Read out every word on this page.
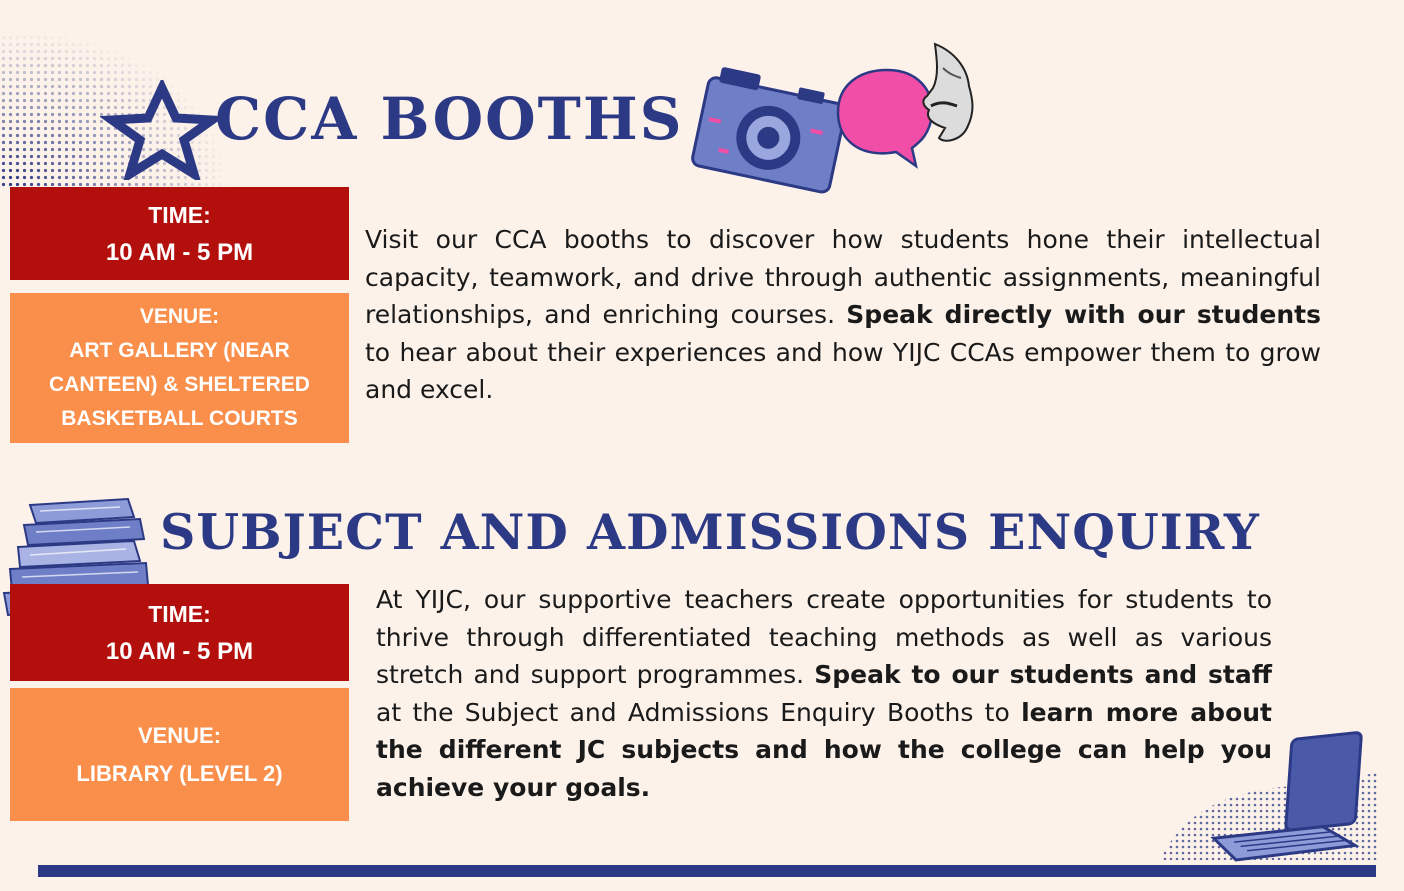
CCA BOOTHS
TIME:
10 AM - 5 PM
VENUE:
ART GALLERY (NEAR
CANTEEN) & SHELTERED
BASKETBALL COURTS
Visit our CCA booths to discover how students hone their intellectual capacity, teamwork, and drive through authentic assignments, meaningful relationships, and enriching courses. Speak directly with our students to hear about their experiences and how YIJC CCAs empower them to grow and excel.
SUBJECT AND ADMISSIONS ENQUIRY
TIME:
10 AM - 5 PM
VENUE:
LIBRARY (LEVEL 2)
At YIJC, our supportive teachers create opportunities for students to thrive through differentiated teaching methods as well as various stretch and support programmes. Speak to our students and staff at the Subject and Admissions Enquiry Booths to learn more about the different JC subjects and how the college can help you achieve your goals.
